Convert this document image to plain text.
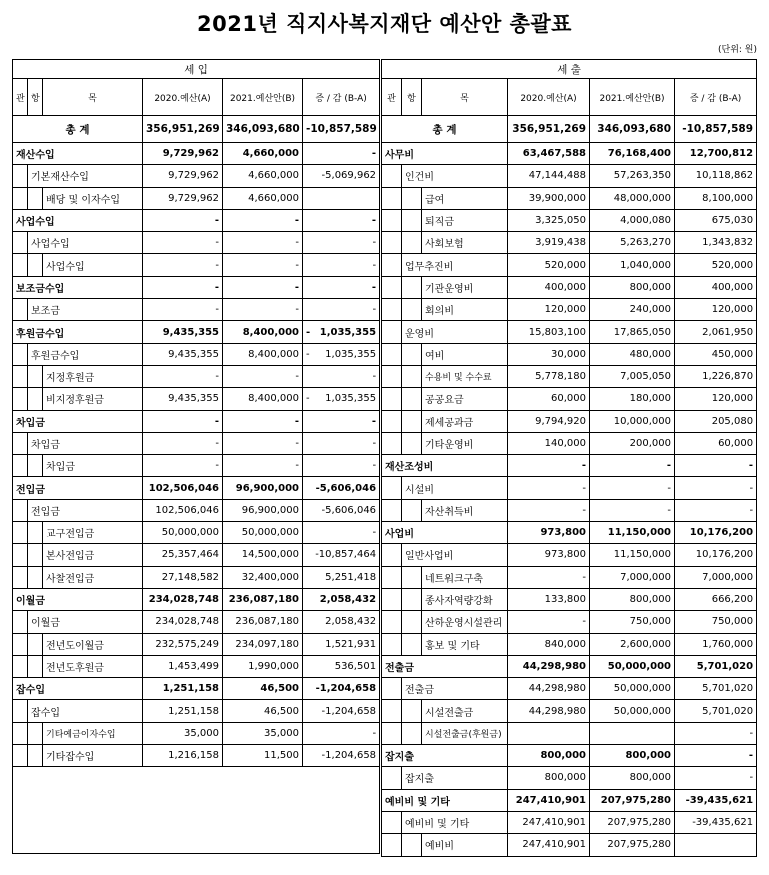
2021년 직지사복지재단 예산안 총괄표
(단위: 원)
세 입					
관	항	목	2020.예산(A)	2021.예산안(B)	증 / 감 (B-A)
총 계			356,951,269	346,093,680	-10,857,589
재산수입			9,729,962	4,660,000	-
	기본재산수입		9,729,962	4,660,000	-5,069,962
		배당 및 이자수입	9,729,962	4,660,000	
사업수입			-	-	-
	사업수입		-	-	-
		사업수입	-	-	-
보조금수입			-	-	-
	보조금		-	-	-
후원금수입			9,435,355	8,400,000	- 1,035,355
	후원금수입		9,435,355	8,400,000	- 1,035,355
		지정후원금	-	-	-
		비지정후원금	9,435,355	8,400,000	- 1,035,355
차입금			-	-	-
	차입금		-	-	-
		차입금	-	-	-
전입금			102,506,046	96,900,000	-5,606,046
	전입금		102,506,046	96,900,000	-5,606,046
		교구전입금	50,000,000	50,000,000	-
		본사전입금	25,357,464	14,500,000	-10,857,464
		사찰전입금	27,148,582	32,400,000	5,251,418
이월금			234,028,748	236,087,180	2,058,432
	이월금		234,028,748	236,087,180	2,058,432
		전년도이월금	232,575,249	234,097,180	1,521,931
		전년도후원금	1,453,499	1,990,000	536,501
잡수입			1,251,158	46,500	-1,204,658
	잡수입		1,251,158	46,500	-1,204,658
		기타예금이자수입	35,000	35,000	-
		기타잡수입	1,216,158	11,500	-1,204,658

세 출					
관	항	목	2020.예산(A)	2021.예산안(B)	증 / 감 (B-A)
총 계			356,951,269	346,093,680	-10,857,589
사무비			63,467,588	76,168,400	12,700,812
	인건비		47,144,488	57,263,350	10,118,862
		급여	39,900,000	48,000,000	8,100,000
		퇴직금	3,325,050	4,000,080	675,030
		사회보험	3,919,438	5,263,270	1,343,832
	업무추진비		520,000	1,040,000	520,000
		기관운영비	400,000	800,000	400,000
		회의비	120,000	240,000	120,000
	운영비		15,803,100	17,865,050	2,061,950
		여비	30,000	480,000	450,000
		수용비 및 수수료	5,778,180	7,005,050	1,226,870
		공공요금	60,000	180,000	120,000
		제세공과금	9,794,920	10,000,000	205,080
		기타운영비	140,000	200,000	60,000
재산조성비			-	-	-
	시설비		-	-	-
		자산취득비	-	-	-
사업비			973,800	11,150,000	10,176,200
	일반사업비		973,800	11,150,000	10,176,200
		네트워크구축	-	7,000,000	7,000,000
		종사자역량강화	133,800	800,000	666,200
		산하운영시설관리	-	750,000	750,000
		홍보 및 기타	840,000	2,600,000	1,760,000
전출금			44,298,980	50,000,000	5,701,020
	전출금		44,298,980	50,000,000	5,701,020
		시설전출금	44,298,980	50,000,000	5,701,020
		시설전출금(후원금)			-
잡지출			800,000	800,000	-
	잡지출		800,000	800,000	-
예비비 및 기타			247,410,901	207,975,280	-39,435,621
	예비비 및 기타		247,410,901	207,975,280	-39,435,621
		예비비	247,410,901	207,975,280	
